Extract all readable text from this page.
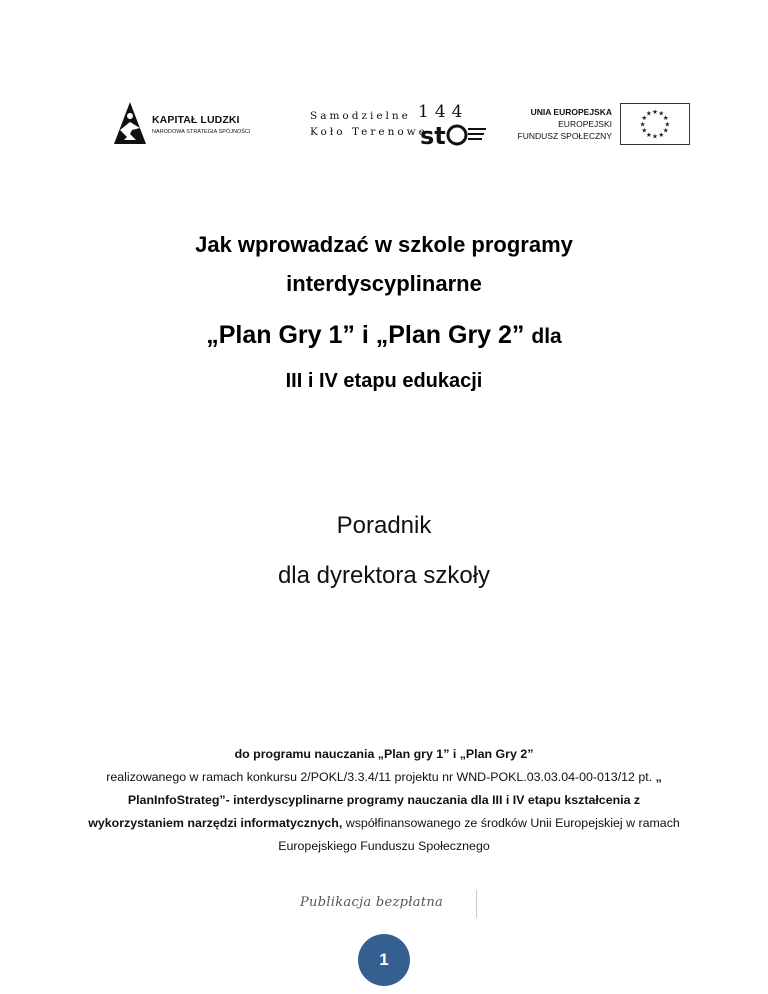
KAPITAŁ LUDZKI
NARODOWA STRATEGIA SPÓJNOŚCI
Samodzielne
Koło Terenowe
144
st
UNIA EUROPEJSKA
EUROPEJSKI
FUNDUSZ SPOŁECZNY
★
★
★
★
★
★
★
★
★ ★ ★
★
Jak wprowadzać w szkole programy
interdyscyplinarne
„Plan Gry 1” i „Plan Gry 2” dla
III i IV etapu edukacji
Poradnik
dla dyrektora szkoły
do programu nauczania „Plan gry 1” i „Plan Gry 2”
realizowanego w ramach konkursu 2/POKL/3.3.4/11 projektu nr WND-POKL.03.03.04-00-013/12 pt. „ PlanInfoStrateg”- interdyscyplinarne programy nauczania dla III i IV etapu kształcenia z wykorzystaniem narzędzi informatycznych, współfinansowanego ze środków Unii Europejskiej w ramach Europejskiego Funduszu Społecznego
Publikacja bezpłatna
1
